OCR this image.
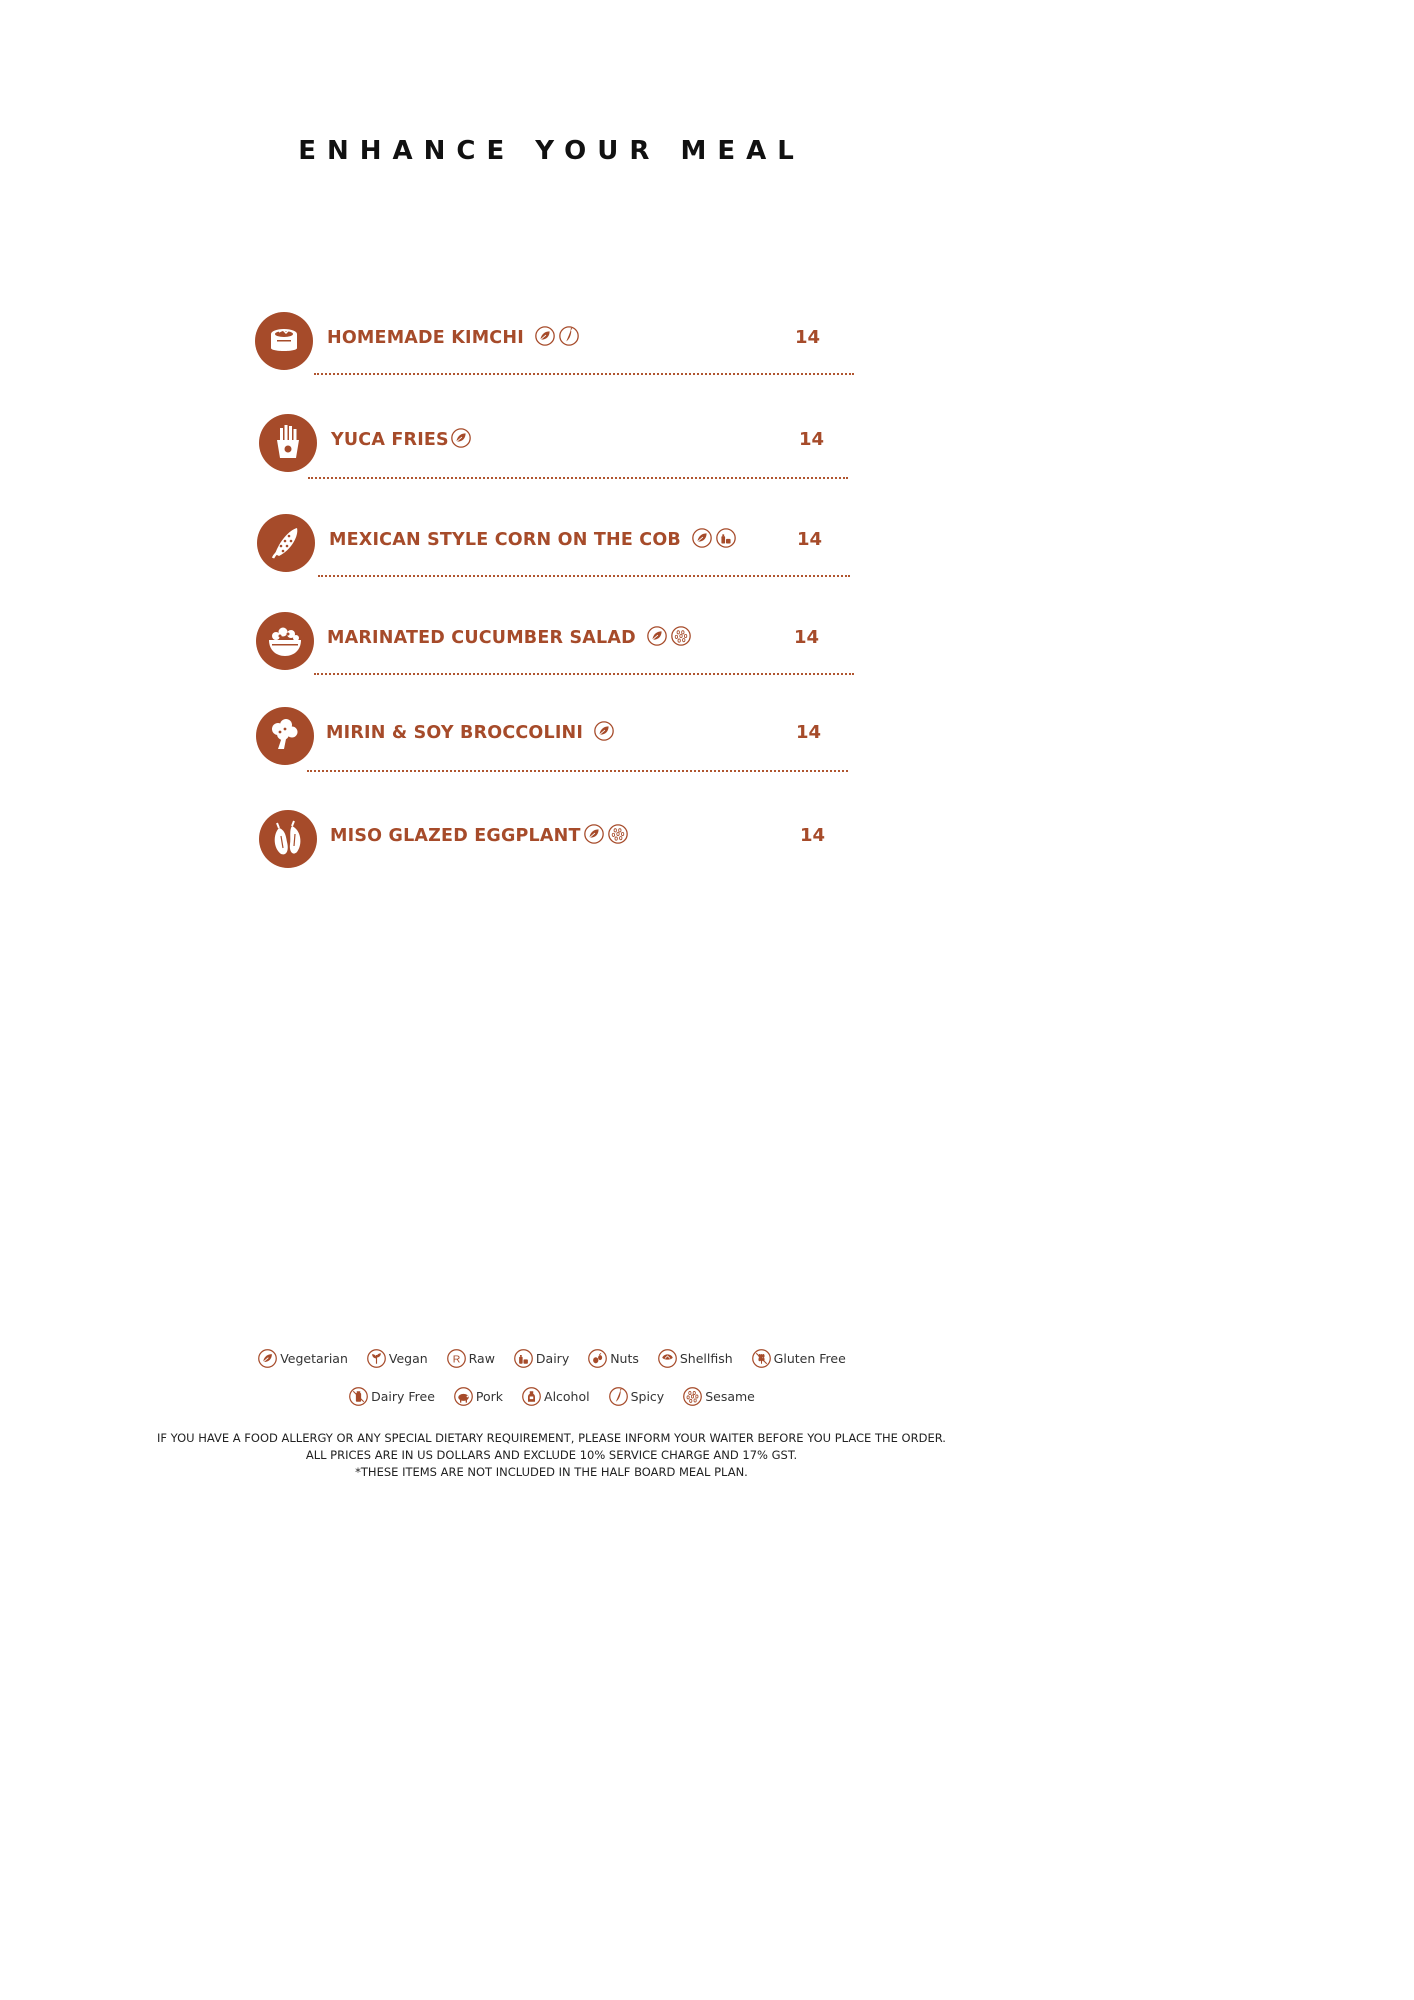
ENHANCE YOUR MEAL
HOMEMADE KIMCHI	14
YUCA FRIES	14
MEXICAN STYLE CORN ON THE COB	14
MARINATED CUCUMBER SALAD	14
MIRIN & SOY BROCCOLINI	14
MISO GLAZED EGGPLANT	14
Vegetarian
	Vegan
R Raw
	Dairy
	Nuts
	Shellfish
	Gluten Free
Dairy Free
	Pork
	Alcohol
	Spicy
	Sesame

IF YOU HAVE A FOOD ALLERGY OR ANY SPECIAL DIETARY REQUIREMENT, PLEASE INFORM YOUR WAITER BEFORE YOU PLACE THE ORDER.

ALL PRICES ARE IN US DOLLARS AND EXCLUDE 10% SERVICE CHARGE AND 17% GST.

*THESE ITEMS ARE NOT INCLUDED IN THE HALF BOARD MEAL PLAN.
